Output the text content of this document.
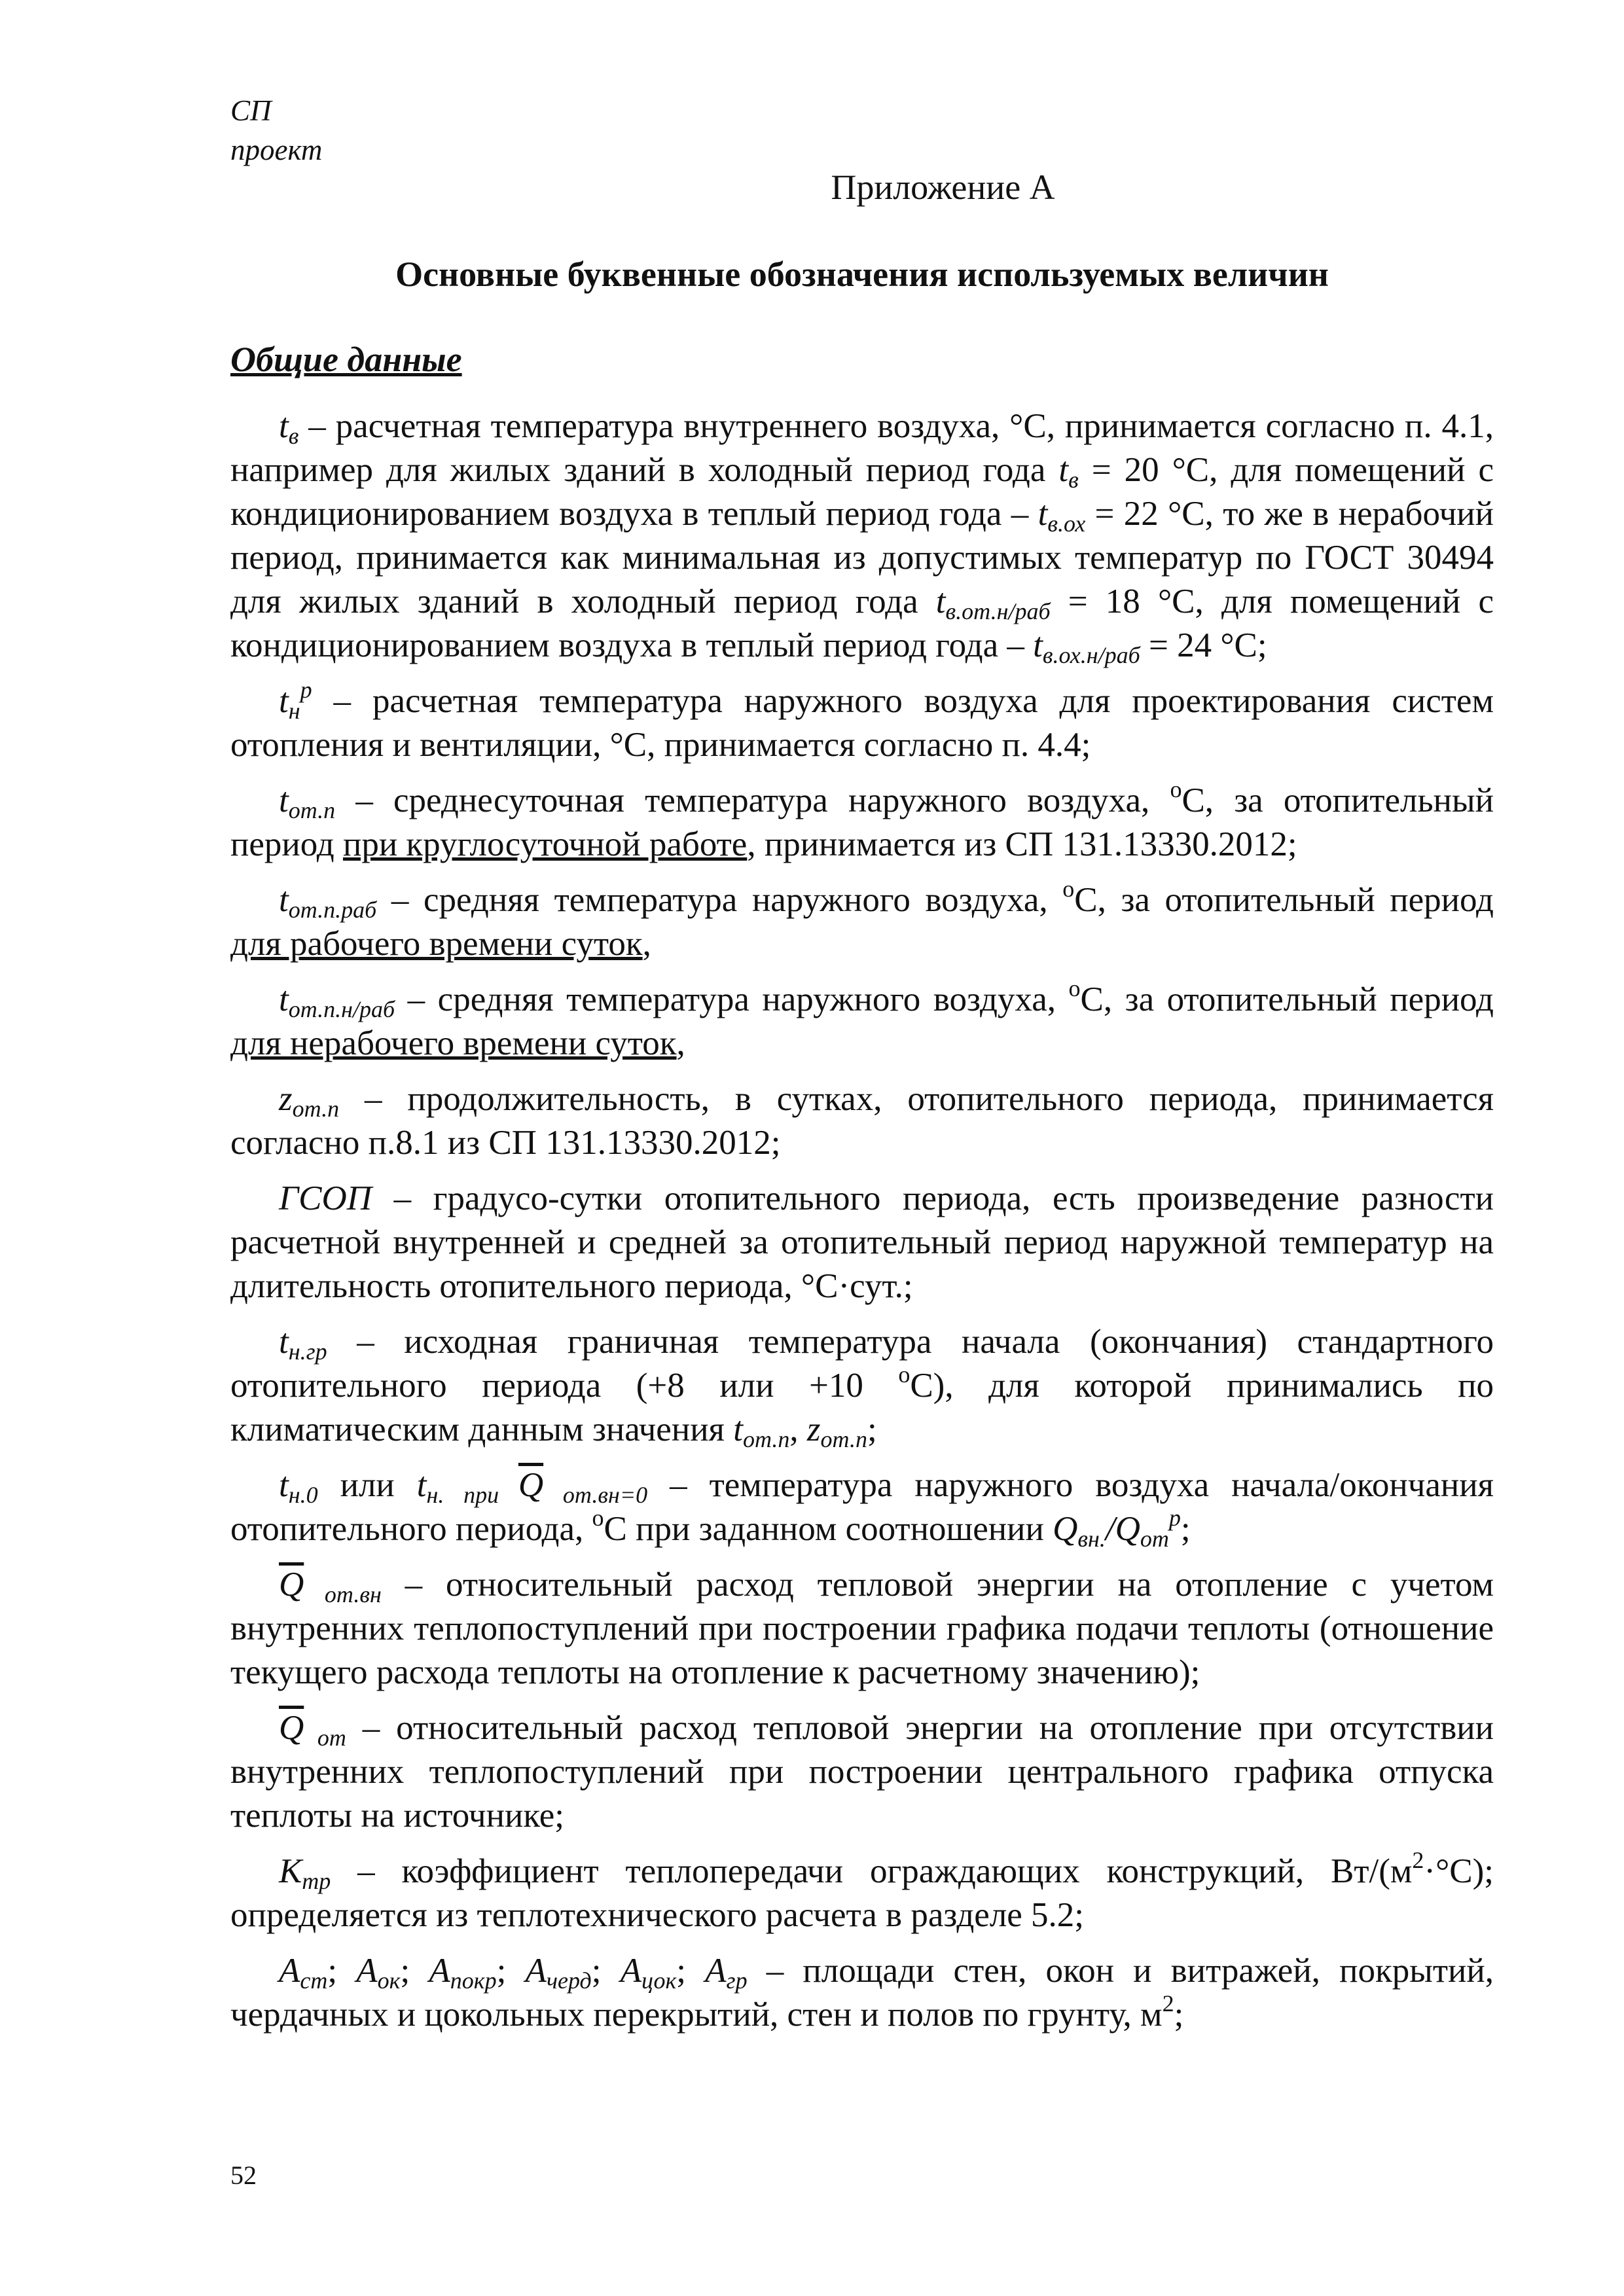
СП
проект
Приложение А
Основные буквенные обозначения используемых величин
Общие данные

$t_в$ – расчетная температура внутреннего воздуха, °С, принимается согласно п. 4.1, например для жилых зданий в холодный период года $t_в = 20$ °С, для помещений с кондиционированием воздуха в теплый период года – $t_{в.ох} = 22$ °С, то же в нерабочий период, принимается как минимальная из допустимых температур по ГОСТ 30494 для жилых зданий в холодный период года $t_{в.от.н/раб} = 18$ °С, для помещений с кондиционированием воздуха в теплый период года – $t_{в.ох.н/раб} = 24$ °С;

$t_н^р$ – расчетная температура наружного воздуха для проектирования систем отопления и вентиляции, °С, принимается согласно п. 4.4;

$t_{от.п}$ – среднесуточная температура наружного воздуха, $^о$С, за отопительный период при круглосуточной работе, принимается из СП 131.13330.2012;

$t_{от.п.раб}$ – средняя температура наружного воздуха, $^о$С, за отопительный период для рабочего времени суток,

$t_{от.п.н/раб}$ – средняя температура наружного воздуха, $^о$С, за отопительный период для нерабочего времени суток,

$z_{от.п}$ – продолжительность, в сутках, отопительного периода, принимается согласно п.8.1 из СП 131.13330.2012;

ГСОП – градусо-сутки отопительного периода, есть произведение разности расчетной внутренней и средней за отопительный период наружной температур на длительность отопительного периода, °С·сут.;

$t_{н.гр}$ – исходная граничная температура начала (окончания) стандартного отопительного периода (+8 или +10 $^о$С), для которой принимались по климатическим данным значения $t_{от.п}$, $z_{от.п}$;

$t_{н.0}$ или $t_{н. при}$ $\overline{Q}$ $_{от.вн=0}$ – температура наружного воздуха начала/окончания отопительного периода, $^о$С при заданном соотношении $Q_{вн.}/Q_{от}^р$;

$\overline{Q}$ $_{от.вн}$ – относительный расход тепловой энергии на отопление с учетом внутренних теплопоступлений при построении графика подачи теплоты (отношение текущего расхода теплоты на отопление к расчетному значению);

$\overline{Q}$ $_{от}$ – относительный расход тепловой энергии на отопление при отсутствии внутренних теплопоступлений при построении центрального графика отпуска теплоты на источнике;

$К_{тр}$ – коэффициент теплопередачи ограждающих конструкций, $Вт/(м^2\cdot^\circ С)$; определяется из теплотехнического расчета в разделе 5.2;

$А_{ст}$; $А_{ок}$; $А_{покр}$; $А_{черд}$; $А_{цок}$; $А_{гр}$ – площади стен, окон и витражей, покрытий, чердачных и цокольных перекрытий, стен и полов по грунту, $м^2$;

52
